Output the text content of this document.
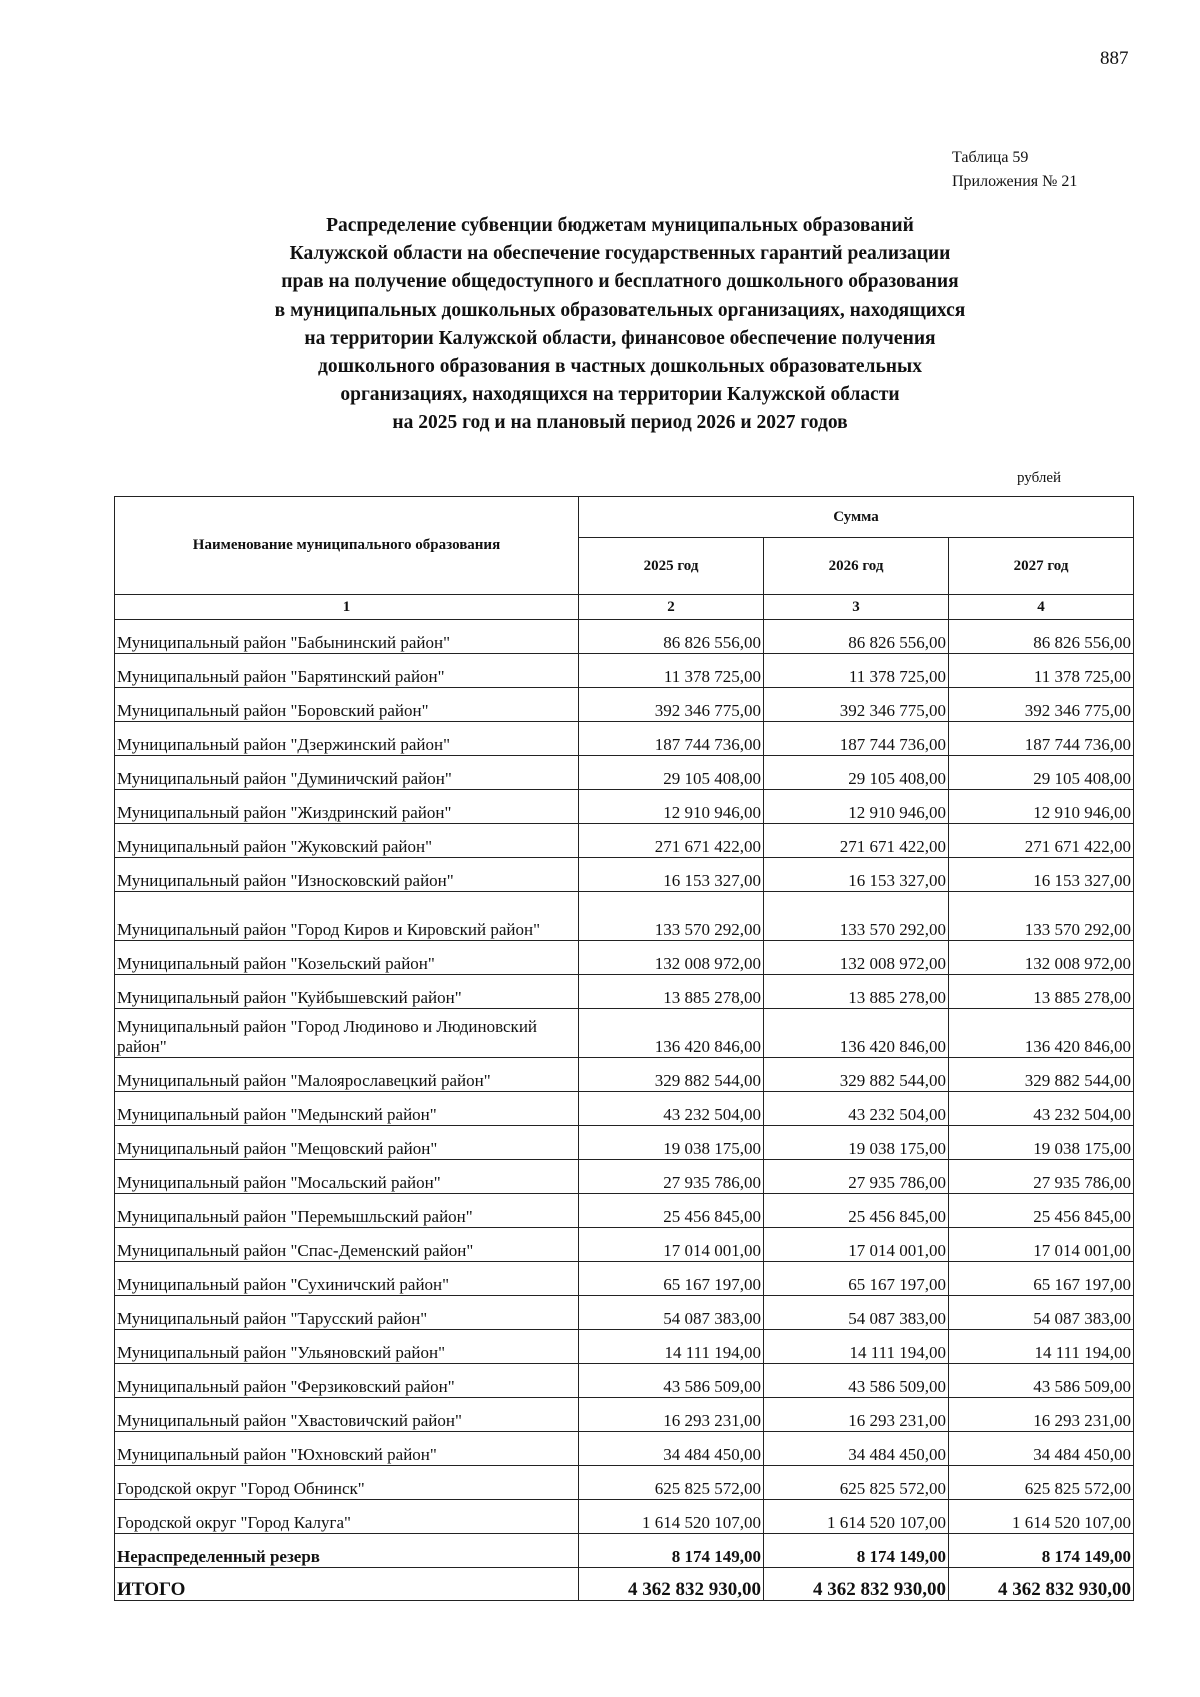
887
Таблица 59
Приложения № 21
Распределение субвенции бюджетам муниципальных образований
Калужской области на обеспечение государственных гарантий реализации
прав на получение общедоступного и бесплатного дошкольного образования
в муниципальных дошкольных образовательных организациях, находящихся
на территории Калужской области, финансовое обеспечение получения
дошкольного образования в частных дошкольных образовательных
организациях, находящихся на территории Калужской области
на 2025 год и на плановый период 2026 и 2027 годов
рублей
Наименование муниципального образования	Сумма		
	2025 год	2026 год	2027 год
1	2	3	4
Муниципальный район "Бабынинский район"	86 826 556,00	86 826 556,00	86 826 556,00
Муниципальный район "Барятинский район"	11 378 725,00	11 378 725,00	11 378 725,00
Муниципальный район "Боровский район"	392 346 775,00	392 346 775,00	392 346 775,00
Муниципальный район "Дзержинский район"	187 744 736,00	187 744 736,00	187 744 736,00
Муниципальный район "Думиничский район"	29 105 408,00	29 105 408,00	29 105 408,00
Муниципальный район "Жиздринский район"	12 910 946,00	12 910 946,00	12 910 946,00
Муниципальный район "Жуковский район"	271 671 422,00	271 671 422,00	271 671 422,00
Муниципальный район "Износковский район"	16 153 327,00	16 153 327,00	16 153 327,00
Муниципальный район "Город Киров и Кировский район"	133 570 292,00	133 570 292,00	133 570 292,00
Муниципальный район "Козельский район"	132 008 972,00	132 008 972,00	132 008 972,00
Муниципальный район "Куйбышевский район"	13 885 278,00	13 885 278,00	13 885 278,00
Муниципальный район "Город Людиново и Людиновский район"	136 420 846,00	136 420 846,00	136 420 846,00
Муниципальный район "Малоярославецкий район"	329 882 544,00	329 882 544,00	329 882 544,00
Муниципальный район "Медынский район"	43 232 504,00	43 232 504,00	43 232 504,00
Муниципальный район "Мещовский район"	19 038 175,00	19 038 175,00	19 038 175,00
Муниципальный район "Мосальский район"	27 935 786,00	27 935 786,00	27 935 786,00
Муниципальный район "Перемышльский район"	25 456 845,00	25 456 845,00	25 456 845,00
Муниципальный район "Спас-Деменский район"	17 014 001,00	17 014 001,00	17 014 001,00
Муниципальный район "Сухиничский район"	65 167 197,00	65 167 197,00	65 167 197,00
Муниципальный район "Тарусский район"	54 087 383,00	54 087 383,00	54 087 383,00
Муниципальный район "Ульяновский район"	14 111 194,00	14 111 194,00	14 111 194,00
Муниципальный район "Ферзиковский район"	43 586 509,00	43 586 509,00	43 586 509,00
Муниципальный район "Хвастовичский район"	16 293 231,00	16 293 231,00	16 293 231,00
Муниципальный район "Юхновский район"	34 484 450,00	34 484 450,00	34 484 450,00
Городской округ "Город Обнинск"	625 825 572,00	625 825 572,00	625 825 572,00
Городской округ "Город Калуга"	1 614 520 107,00	1 614 520 107,00	1 614 520 107,00
Нераспределенный резерв	8 174 149,00	8 174 149,00	8 174 149,00
ИТОГО	4 362 832 930,00	4 362 832 930,00	4 362 832 930,00
